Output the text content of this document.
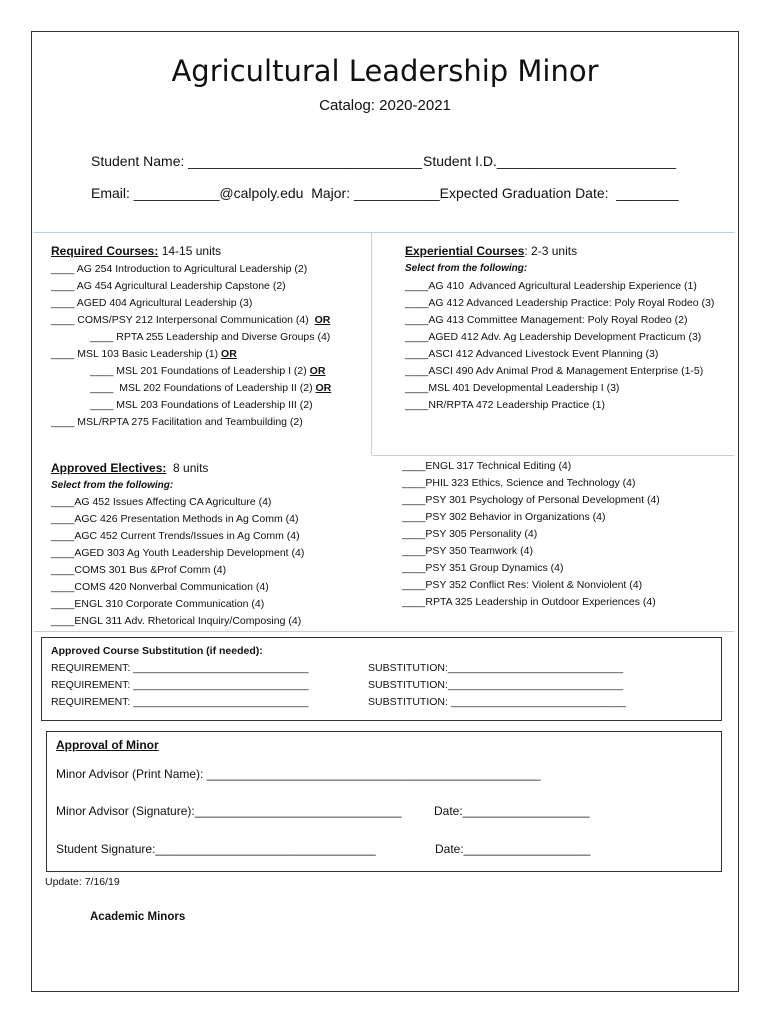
Agricultural Leadership Minor
Catalog: 2020-2021
Student Name: ______________________________ Student I.D._______________________
Email: ___________@calpoly.edu  Major: ___________Expected Graduation Date:  ________
Required Courses: 14-15 units
____ AG 254 Introduction to Agricultural Leadership (2)
____ AG 454 Agricultural Leadership Capstone (2)
____ AGED 404 Agricultural Leadership (3)
____ COMS/PSY 212 Interpersonal Communication (4)  OR
____ RPTA 255 Leadership and Diverse Groups (4)
____ MSL 103 Basic Leadership (1) OR
____ MSL 201 Foundations of Leadership I (2) OR
____  MSL 202 Foundations of Leadership II (2) OR
____ MSL 203 Foundations of Leadership III (2)
____ MSL/RPTA 275 Facilitation and Teambuilding (2)
Experiential Courses: 2-3 units
Select from the following:
____AG 410  Advanced Agricultural Leadership Experience (1)
____AG 412 Advanced Leadership Practice: Poly Royal Rodeo (3)
____AG 413 Committee Management: Poly Royal Rodeo (2)
____AGED 412 Adv. Ag Leadership Development Practicum (3)
____ASCI 412 Advanced Livestock Event Planning (3)
____ASCI 490 Adv Animal Prod & Management Enterprise (1-5)
____MSL 401 Developmental Leadership I (3)
____NR/RPTA 472 Leadership Practice (1)
Approved Electives:  8 units
Select from the following:
____AG 452 Issues Affecting CA Agriculture (4)
____AGC 426 Presentation Methods in Ag Comm (4)
____AGC 452 Current Trends/Issues in Ag Comm (4)
____AGED 303 Ag Youth Leadership Development (4)
____COMS 301 Bus &Prof Comm (4)
____COMS 420 Nonverbal Communication (4)
____ENGL 310 Corporate Communication (4)
____ENGL 311 Adv. Rhetorical Inquiry/Composing (4)
____ENGL 317 Technical Editing (4)
____PHIL 323 Ethics, Science and Technology (4)
____PSY 301 Psychology of Personal Development (4)
____PSY 302 Behavior in Organizations (4)
____PSY 305 Personality (4)
____PSY 350 Teamwork (4)
____PSY 351 Group Dynamics (4)
____PSY 352 Conflict Res: Violent & Nonviolent (4)
____RPTA 325 Leadership in Outdoor Experiences (4)
Approved Course Substitution (if needed):
REQUIREMENT: ______________________________
REQUIREMENT: ______________________________
REQUIREMENT: ______________________________
SUBSTITUTION:______________________________
SUBSTITUTION:______________________________
SUBSTITUTION: ______________________________
Approval of Minor
Minor Advisor (Print Name): __________________________________________________
Minor Advisor (Signature):_______________________________	Date:___________________
Student Signature:_________________________________	Date:___________________
Update: 7/16/19
Academic Minors
